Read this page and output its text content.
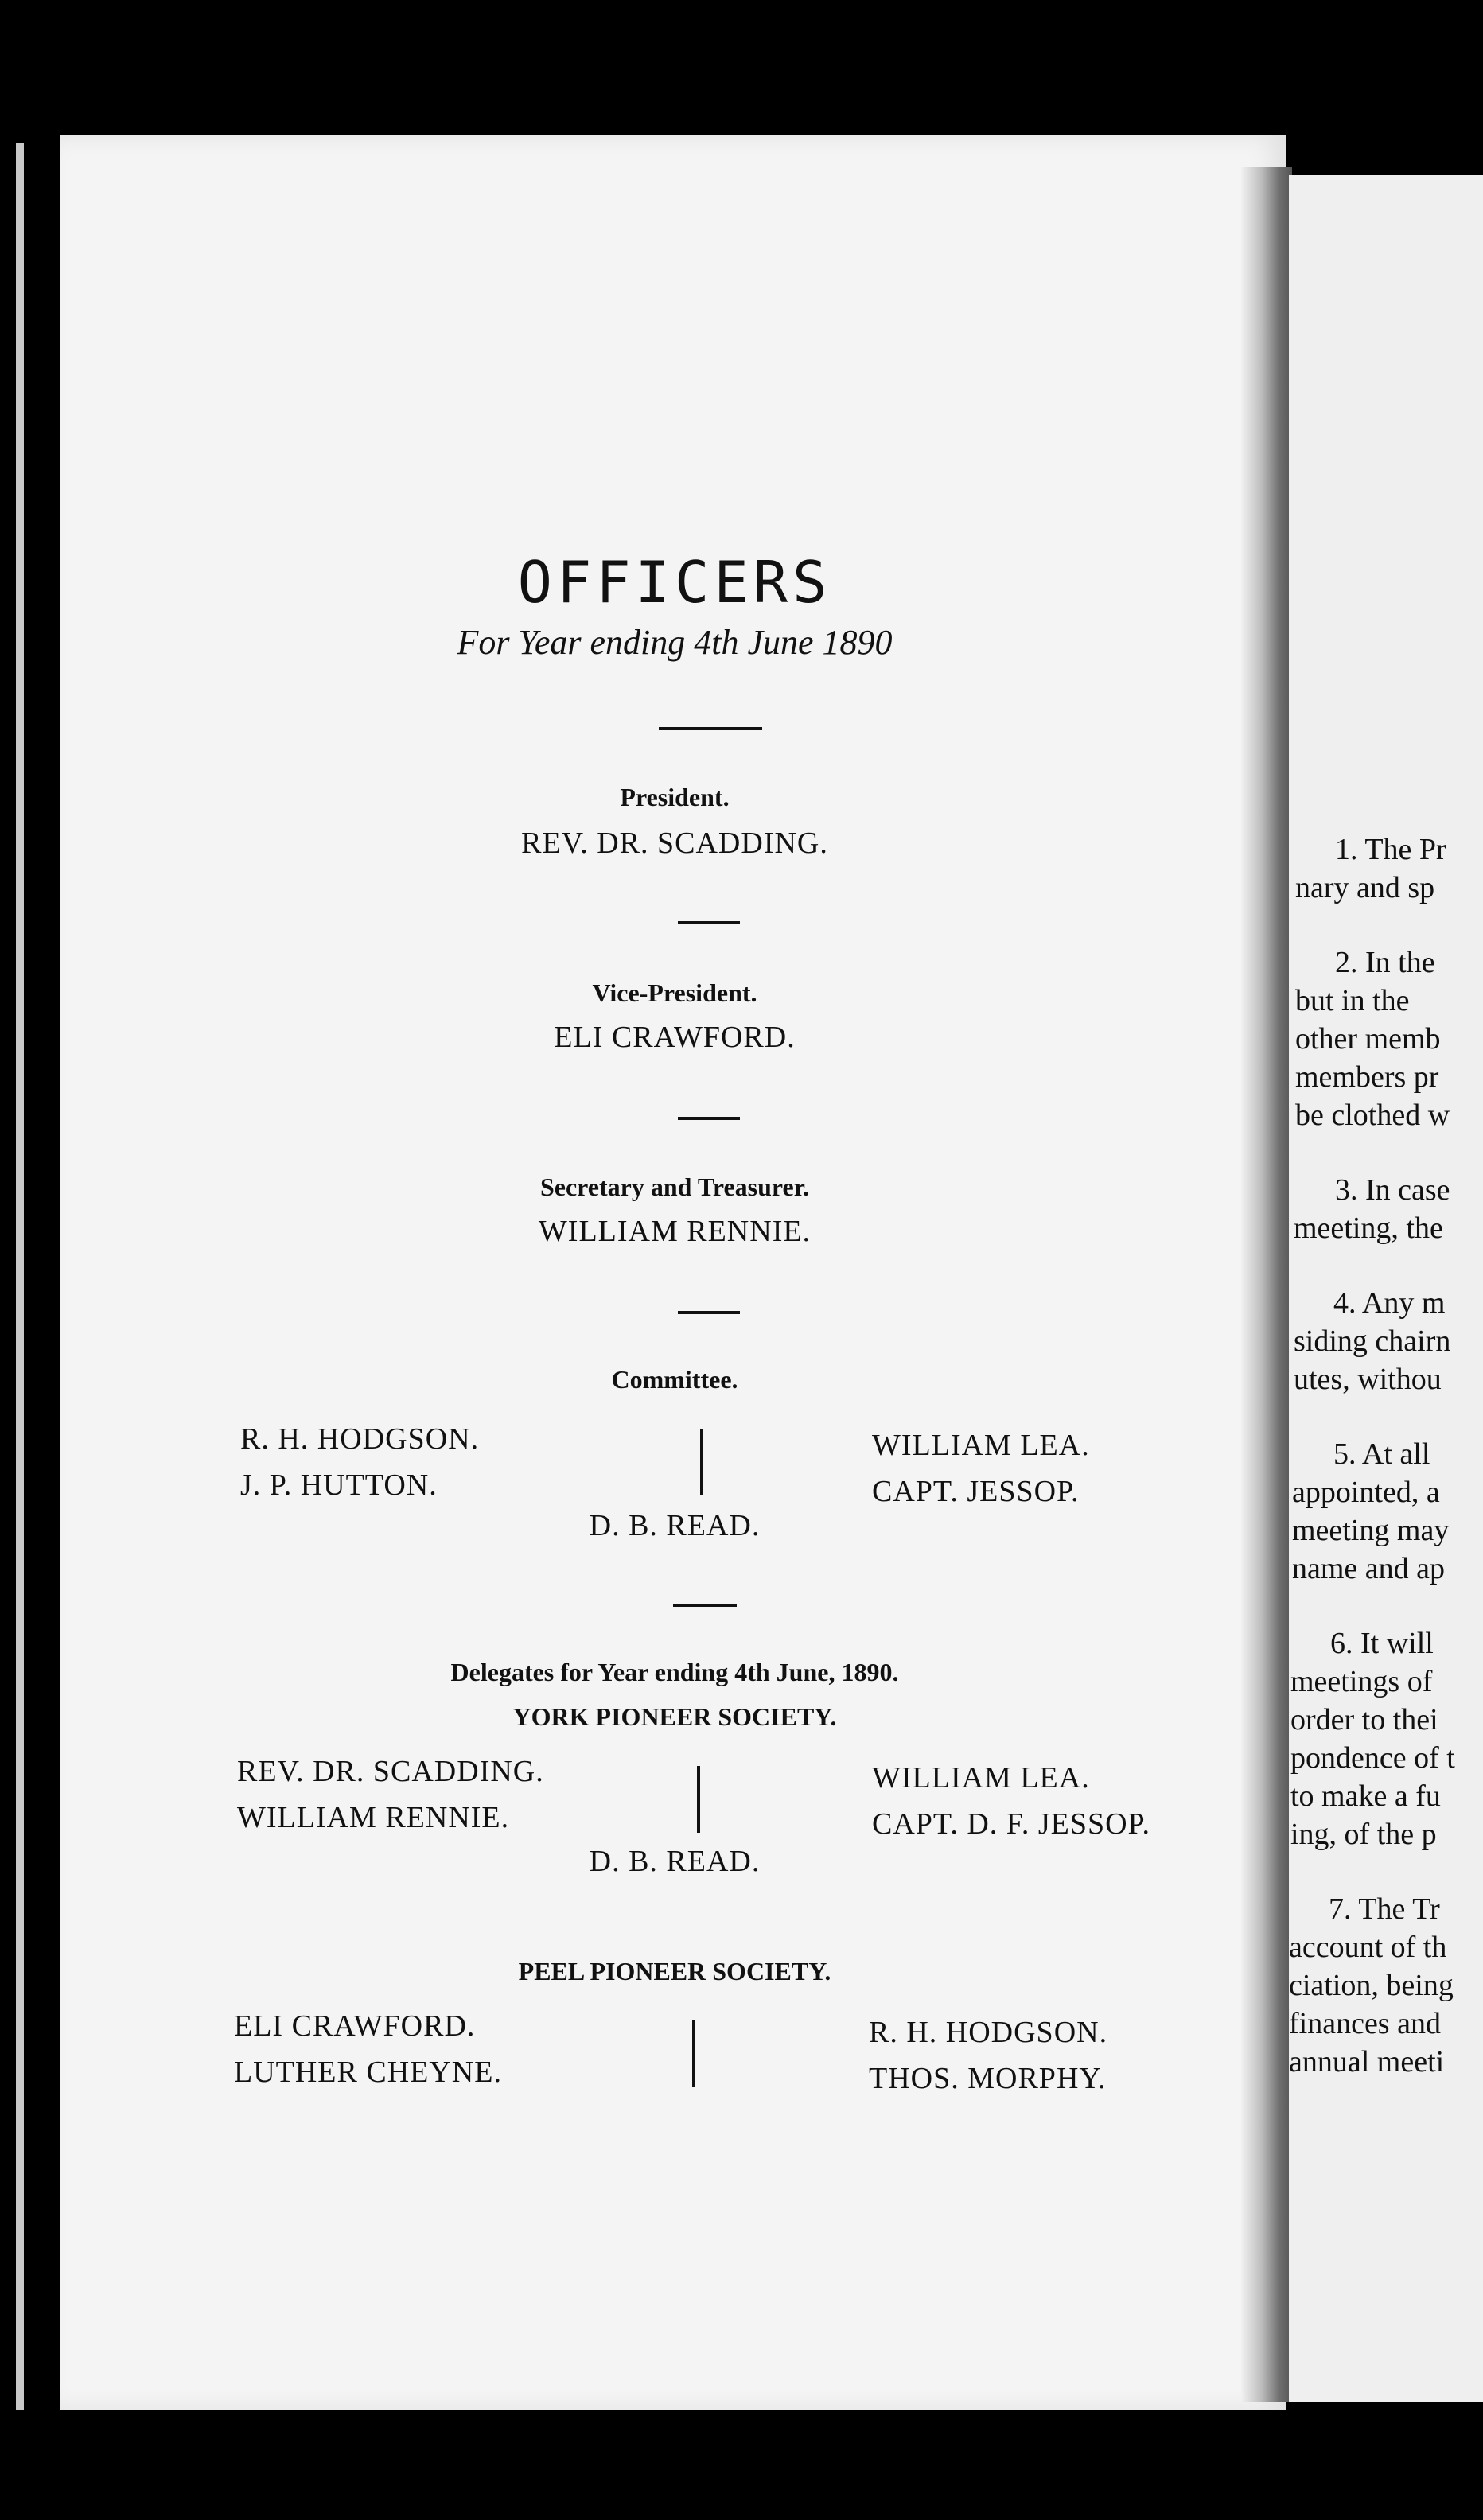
OFFICERS
For Year ending 4th June 1890
President.
REV. DR. SCADDING.
Vice-President.
ELI CRAWFORD.
Secretary and Treasurer.
WILLIAM RENNIE.
Committee.
R. H. HODGSON.
J. P. HUTTON.
WILLIAM LEA.
CAPT. JESSOP.
D. B. READ.
Delegates for Year ending 4th June, 1890.
YORK PIONEER SOCIETY.
REV. DR. SCADDING.
WILLIAM RENNIE.
WILLIAM LEA.
CAPT. D. F. JESSOP.
D. B. READ.
PEEL PIONEER SOCIETY.
ELI CRAWFORD.
LUTHER CHEYNE.
R. H. HODGSON.
THOS. MORPHY.
1. The Pr
nary and sp
2. In the
but in the
other memb
members pr
be clothed w
3. In case
meeting, the
4. Any m
siding chairn
utes, withou
5. At all
appointed, a
meeting may
name and ap
6. It will
meetings of
order to thei
pondence of t
to make a fu
ing, of the p
7. The Tr
account of th
ciation, being
finances and
annual meeti
